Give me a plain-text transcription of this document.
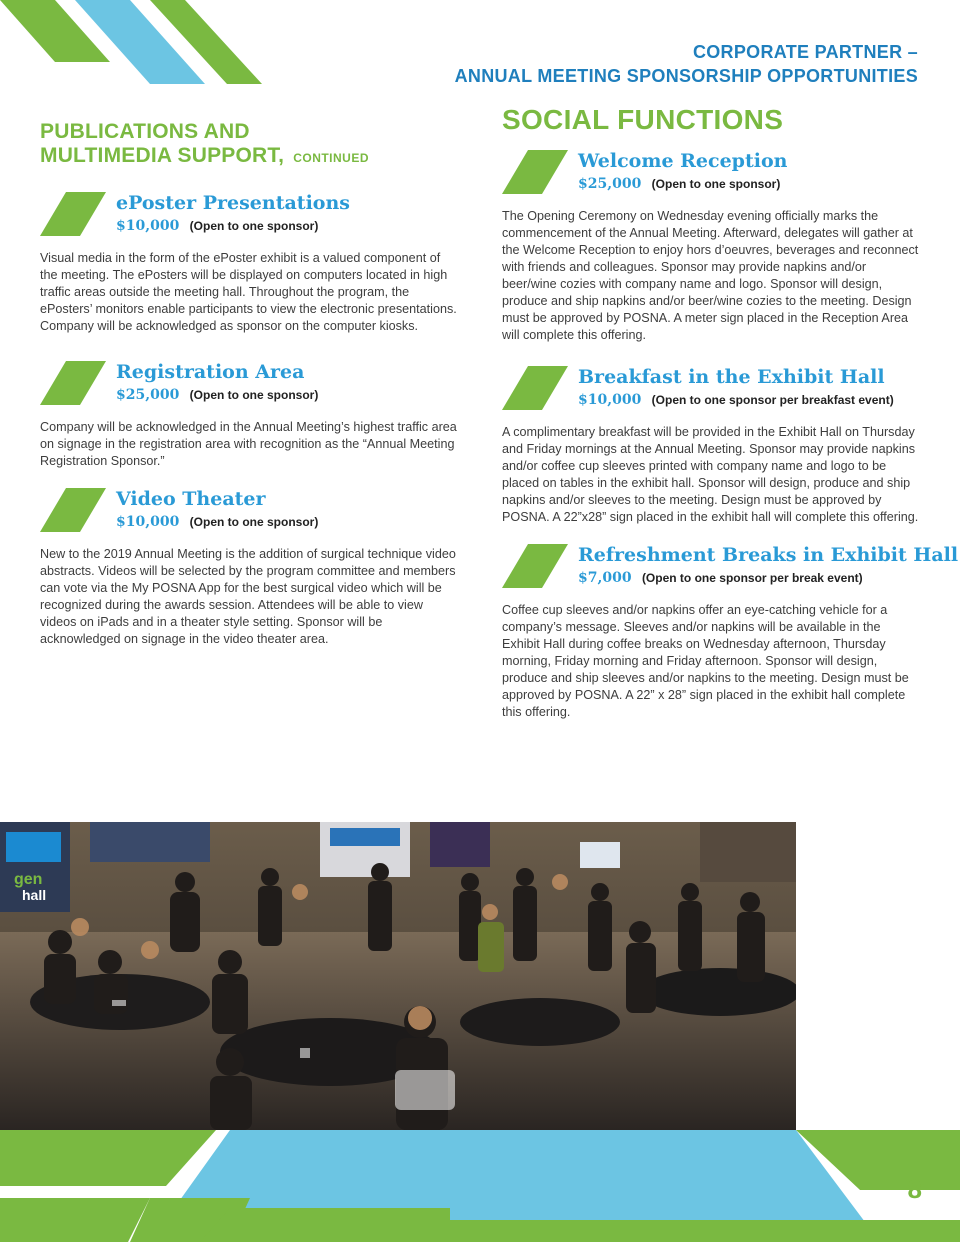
CORPORATE PARTNER –
ANNUAL MEETING SPONSORSHIP OPPORTUNITIES
PUBLICATIONS AND
MULTIMEDIA SUPPORT, CONTINUED
ePoster Presentations
$10,000 (Open to one sponsor)

Visual media in the form of the ePoster exhibit is a valued component of the meeting. The ePosters will be displayed on computers located in high traffic areas outside the meeting hall. Throughout the program, the ePosters’ monitors enable participants to view the electronic presentations. Company will be acknowledged as sponsor on the computer kiosks.

Registration Area
$25,000 (Open to one sponsor)

Company will be acknowledged in the Annual Meeting’s highest traffic area on signage in the registration area with recognition as the “Annual Meeting Registration Sponsor.”

Video Theater
$10,000 (Open to one sponsor)

New to the 2019 Annual Meeting is the addition of surgical technique video abstracts. Videos will be selected by the program committee and members can vote via the My POSNA App for the best surgical video which will be recognized during the awards session. Attendees will be able to view videos on iPads and in a theater style setting. Sponsor will be acknowledged on signage in the video theater area.

SOCIAL FUNCTIONS
Welcome Reception
$25,000 (Open to one sponsor)

The Opening Ceremony on Wednesday evening officially marks the commencement of the Annual Meeting. Afterward, delegates will gather at the Welcome Reception to enjoy hors d’oeuvres, beverages and reconnect with friends and colleagues. Sponsor may provide napkins and/or beer/wine cozies with company name and logo. Sponsor will design, produce and ship napkins and/or beer/wine cozies to the meeting. Design must be approved by POSNA. A meter sign placed in the Reception Area will complete this offering.

Breakfast in the Exhibit Hall
$10,000 (Open to one sponsor per breakfast event)

A complimentary breakfast will be provided in the Exhibit Hall on Thursday and Friday mornings at the Annual Meeting. Sponsor may provide napkins and/or coffee cup sleeves printed with company name and logo to be placed on tables in the exhibit hall. Sponsor will design, produce and ship napkins and/or sleeves to the meeting. Design must be approved by POSNA. A 22”x28” sign placed in the exhibit hall will complete this offering.

Refreshment Breaks in Exhibit Hall
$7,000 (Open to one sponsor per break event)

Coffee cup sleeves and/or napkins offer an eye-catching vehicle for a company’s message. Sleeves and/or napkins will be available in the Exhibit Hall during coffee breaks on Wednesday afternoon, Thursday morning, Friday morning and Friday afternoon. Sponsor will design, produce and ship sleeves and/or napkins to the meeting. Design must be approved by POSNA. A 22” x 28” sign placed in the exhibit hall complete this offering.

gen
hall
8
